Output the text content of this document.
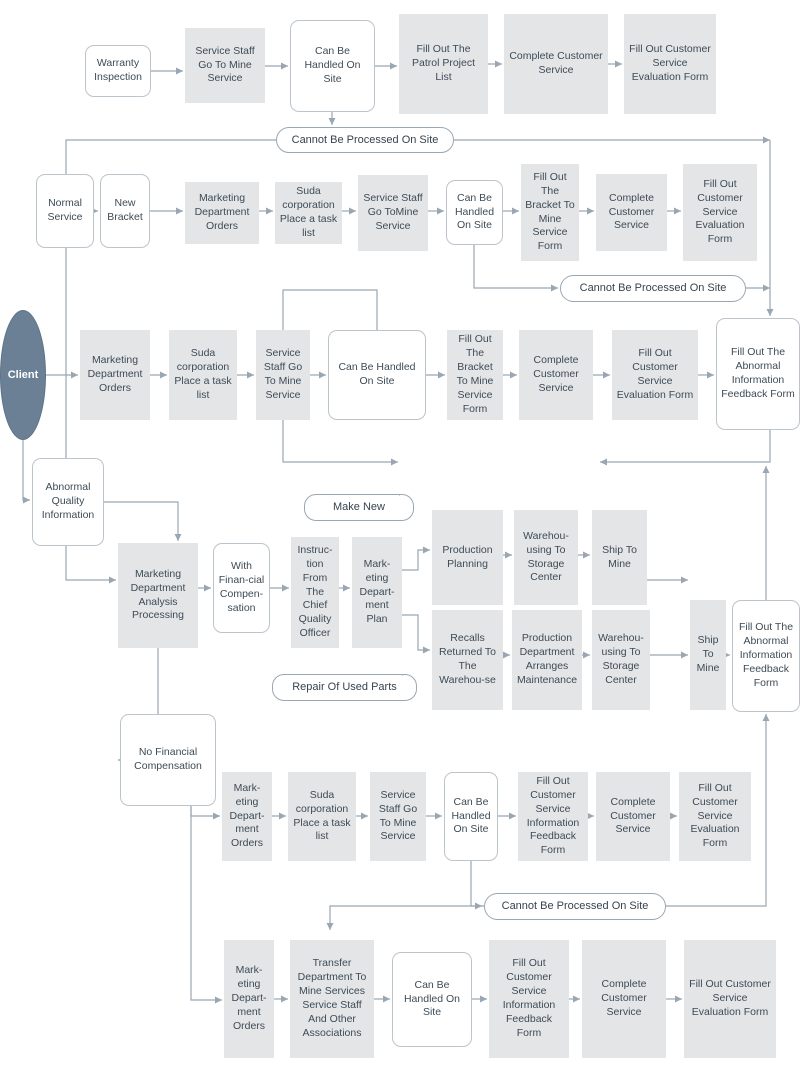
Client
Warranty Inspection
Service Staff Go To Mine Service
Can Be Handled On Site
Fill Out The Patrol Project List
Complete Customer Service
Fill Out Customer Service Evaluation Form
Cannot Be Processed On Site
Normal Service
New Bracket
Marketing Department Orders
Suda corporation Place a task list
Service Staff Go ToMine Service
Can Be Handled On Site
Fill Out The Bracket To Mine Service Form
Complete Customer Service
Fill Out Customer Service Evaluation Form
Cannot Be Processed On Site
Marketing Department Orders
Suda corporation Place a task list
Service Staff Go To Mine Service
Can Be Handled On Site
Fill Out The Bracket To Mine Service Form
Complete Customer Service
Fill Out Customer Service Evaluation Form
Fill Out The Abnormal Information Feedback Form
Abnormal Quality Information
Marketing Department Analysis Processing
With Finan-cial Compen-sation
Instruc-tion From The Chief Quality Officer
Mark-eting Depart-ment Plan
Make New
Production Planning
Warehou-using To Storage Center
Ship To Mine
Repair Of Used Parts
Recalls Returned To The Warehou-se
Production Department Arranges Maintenance
Warehou-using To Storage Center
Ship To Mine
Fill Out The Abnormal Information Feedback Form
No Financial Compensation
Mark-eting Depart-ment Orders
Suda corporation Place a task list
Service Staff Go To Mine Service
Can Be Handled On Site
Fill Out Customer Service Information Feedback Form
Complete Customer Service
Fill Out Customer Service Evaluation Form
Cannot Be Processed On Site
Mark-eting Depart-ment Orders
Transfer Department To Mine Services Service Staff And Other Associations
Can Be Handled On Site
Fill Out Customer Service Information Feedback Form
Complete Customer Service
Fill Out Customer Service Evaluation Form
